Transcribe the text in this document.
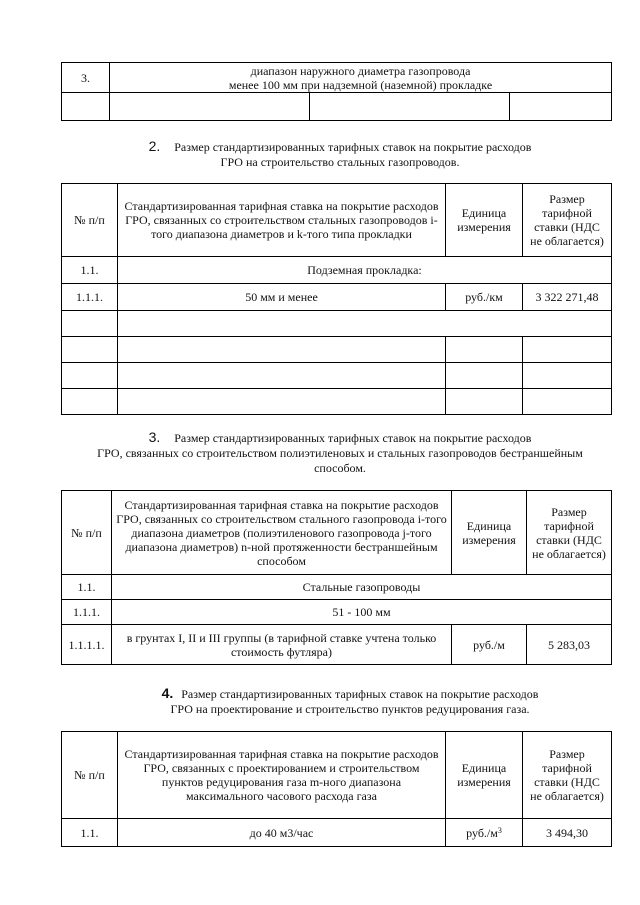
3.	диапазон наружного диаметра газопровода
менее 100 мм при надземной (наземной) прокладке		

2. Размер стандартизированных тарифных ставок на покрытие расходов
ГРО на строительство стальных газопроводов.
№ п/п	Стандартизированная тарифная ставка на покрытие расходов ГРО, связанных со строительством стальных газопроводов i-того диапазона диаметров и k-того типа прокладки	Единица измерения	Размер тарифной ставки (НДС не облагается)
1.1.	Подземная прокладка:		
1.1.1.	50 мм и менее	руб./км	3 322 271,48

3. Размер стандартизированных тарифных ставок на покрытие расходов
ГРО, связанных со строительством полиэтиленовых и стальных газопроводов бестраншейным
способом.
№ п/п	Стандартизированная тарифная ставка на покрытие расходов ГРО, связанных со строительством стального газопровода i-того диапазона диаметров (полиэтиленового газопровода j-того диапазона диаметров) n-ной протяженности бестраншейным способом	Единица измерения	Размер тарифной ставки (НДС не облагается)
1.1.	Стальные газопроводы		
1.1.1.	51 - 100 мм		
1.1.1.1.	в грунтах I, II и III группы (в тарифной ставке учтена только стоимость футляра)	руб./м	5 283,03
4. Размер стандартизированных тарифных ставок на покрытие расходов
ГРО на проектирование и строительство пунктов редуцирования газа.
№ п/п	Стандартизированная тарифная ставка на покрытие расходов ГРО, связанных с проектированием и строительством пунктов редуцирования газа m-ного диапазона максимального часового расхода газа	Единица измерения	Размер тарифной ставки (НДС не облагается)
1.1.	до 40 м3/час	$руб./м^3$	3 494,30
